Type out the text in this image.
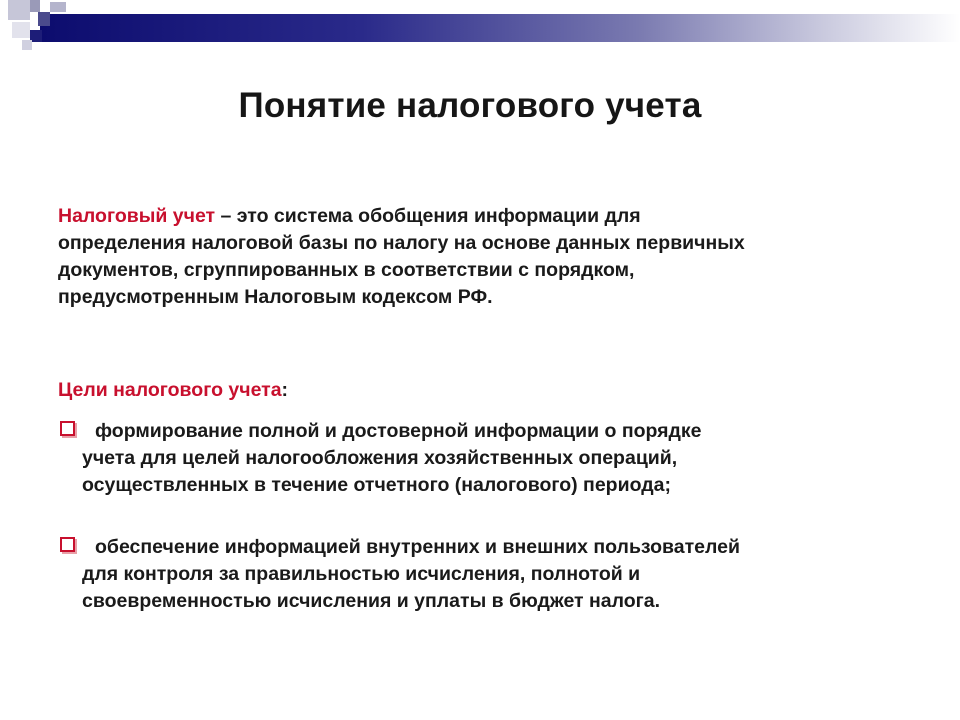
Понятие налогового учета
Налоговый учет – это система обобщения информации для
определения налоговой базы по налогу на основе данных первичных
документов, сгруппированных в соответствии с порядком,
предусмотренным Налоговым кодексом РФ.
Цели налогового учета:
формирование полной и достоверной информации о порядке
учета для целей налогообложения хозяйственных операций,
осуществленных в течение отчетного (налогового) периода;
обеспечение информацией внутренних и внешних пользователей
для контроля за правильностью исчисления, полнотой и
своевременностью исчисления и уплаты в бюджет налога.
